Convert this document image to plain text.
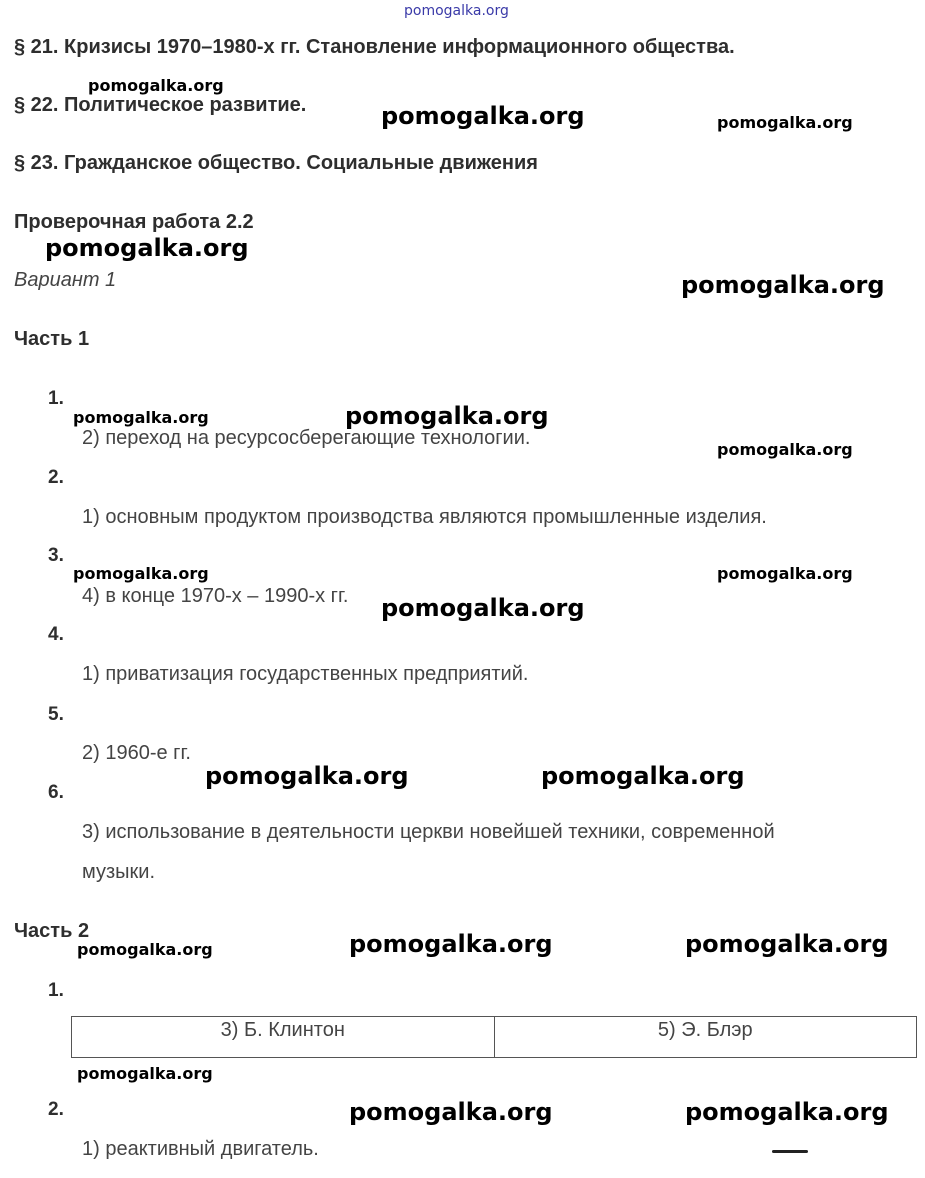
pomogalka.org
§ 21. Кризисы 1970–1980-х гг. Становление информационного общества.
§ 22. Политическое развитие.
§ 23. Гражданское общество. Социальные движения
Проверочная работа 2.2
Вариант 1
Часть 1
1.
2) переход на ресурсосберегающие технологии.
2.
1) основным продуктом производства являются промышленные изделия.
3.
4) в конце 1970-х – 1990-х гг.
4.
1) приватизация государственных предприятий.
5.
2) 1960-е гг.
6.
3) использование в деятельности церкви новейшей техники, современной
музыки.
Часть 2
1.
3) Б. Клинтон	5) Э. Блэр
2.
1) реактивный двигатель.
pomogalka.org
pomogalka.org	pomogalka.org
pomogalka.org
pomogalka.org
pomogalka.org	pomogalka.org
pomogalka.org
pomogalka.org	pomogalka.org
pomogalka.org
pomogalka.org	pomogalka.org
pomogalka.org	pomogalka.org	pomogalka.org
pomogalka.org
pomogalka.org	pomogalka.org
